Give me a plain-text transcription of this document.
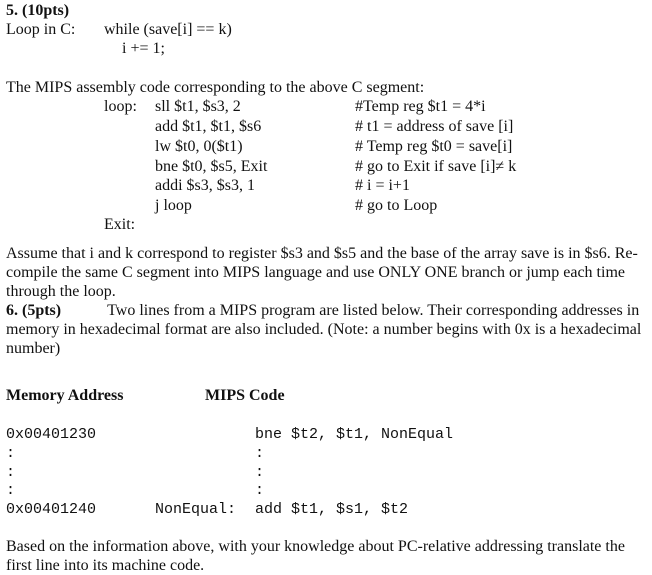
5. (10pts)
Loop in C: while (save[i] == k)
i += 1;
The MIPS assembly code corresponding to the above C segment:
loop: sll $t1, $s3, 2	#Temp reg $t1 = 4*i
add $t1, $t1, $s6	# t1 = address of save [i]
lw $t0, 0($t1)	# Temp reg $t0 = save[i]
bne $t0, $s5, Exit	# go to Exit if save [i]≠ k
addi $s3, $s3, 1	# i = i+1
j loop	# go to Loop
Exit:
Assume that i and k correspond to register $s3 and $s5 and the base of the array save is in $s6. Re-compile the same C segment into MIPS language and use ONLY ONE branch or jump each time through the loop.
6. (5pts)	Two lines from a MIPS program are listed below. Their corresponding addresses in memory in hexadecimal format are also included. (Note: a number begins with 0x is a hexadecimal number)
Memory Address	MIPS Code
0x00401230	bne $t2, $t1, NonEqual
:	:
:	:
:	:
0x00401240	NonEqual: add $t1, $s1, $t2
Based on the information above, with your knowledge about PC-relative addressing translate the first line into its machine code.
